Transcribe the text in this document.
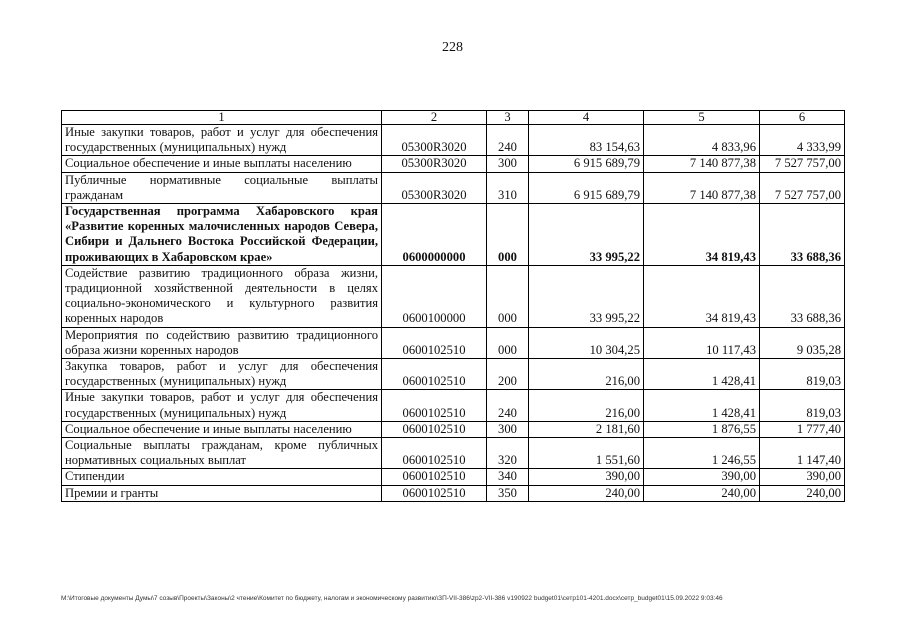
228
1	2	3	4	5	6
Иные закупки товаров, работ и услуг для обеспечения государственных (муниципальных) нужд	05300R3020	240	83 154,63	4 833,96	4 333,99
Социальное обеспечение и иные выплаты населению	05300R3020	300	6 915 689,79	7 140 877,38	7 527 757,00
Публичные нормативные социальные выплаты гражданам	05300R3020	310	6 915 689,79	7 140 877,38	7 527 757,00
Государственная программа Хабаровского края «Развитие коренных малочисленных народов Севера, Сибири и Дальнего Востока Российской Федерации, проживающих в Хабаровском крае»	0600000000	000	33 995,22	34 819,43	33 688,36
Содействие развитию традиционного образа жизни, традиционной хозяйственной деятельности в целях социально-экономического и культурного развития коренных народов	0600100000	000	33 995,22	34 819,43	33 688,36
Мероприятия по содействию развитию традиционного образа жизни коренных народов	0600102510	000	10 304,25	10 117,43	9 035,28
Закупка товаров, работ и услуг для обеспечения государственных (муниципальных) нужд	0600102510	200	216,00	1 428,41	819,03
Иные закупки товаров, работ и услуг для обеспечения государственных (муниципальных) нужд	0600102510	240	216,00	1 428,41	819,03
Социальное обеспечение и иные выплаты населению	0600102510	300	2 181,60	1 876,55	1 777,40
Социальные выплаты гражданам, кроме публичных нормативных социальных выплат	0600102510	320	1 551,60	1 246,55	1 147,40
Стипендии	0600102510	340	390,00	390,00	390,00
Премии и гранты	0600102510	350	240,00	240,00	240,00
M:\Итоговые документы Думы\7 созыв\Проекты\Законы\2 чтение\Комитет по бюджету, налогам и экономическому развитию\ЗП-VII-386\zp2-VII-386 v190922 budget01\сетр101-4201.docx\сетр_budget01\15.09.2022 9:03:46
